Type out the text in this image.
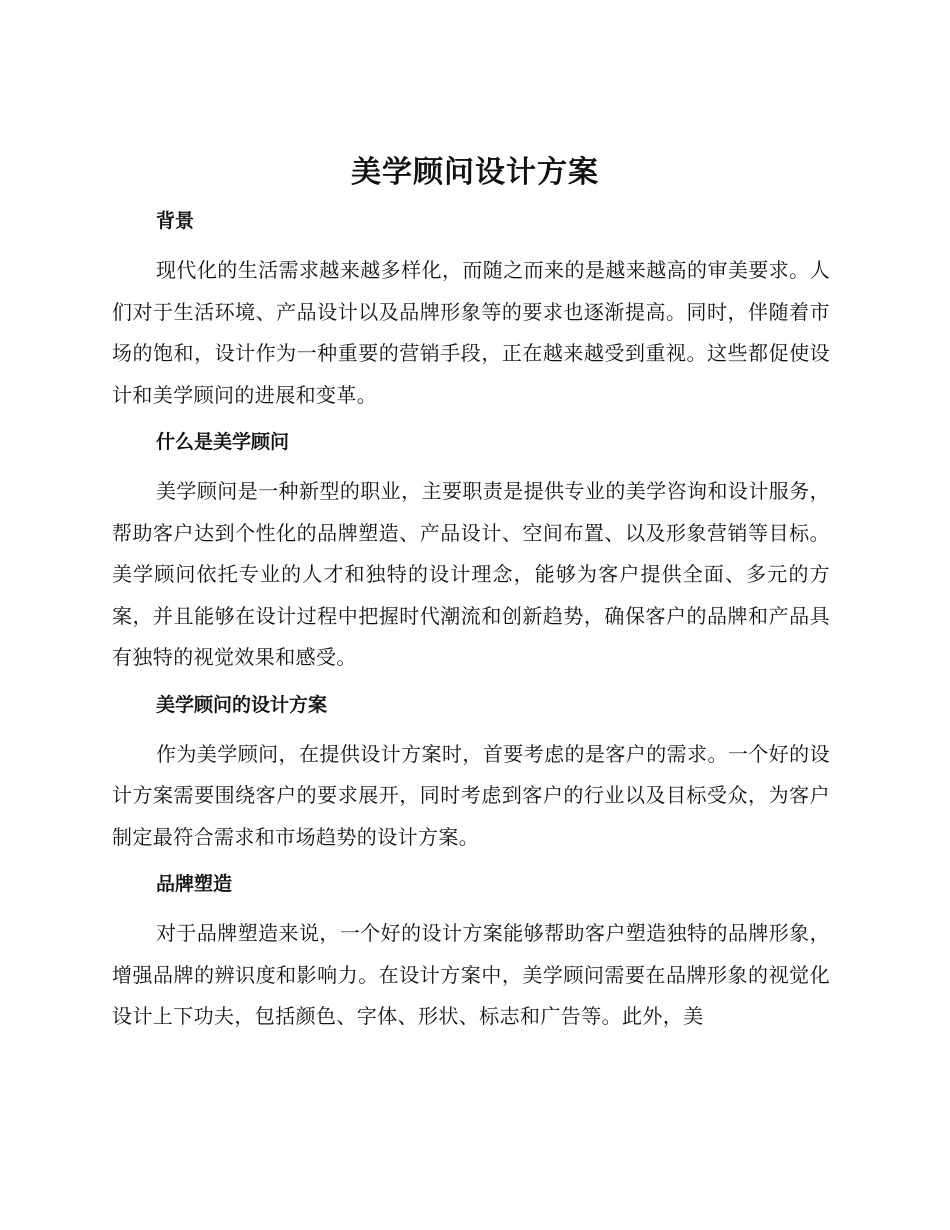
美学顾问设计方案
背景

现代化的生活需求越来越多样化，而随之而来的是越来越高的审美要求。人们对于生活环境、产品设计以及品牌形象等的要求也逐渐提高。同时，伴随着市场的饱和，设计作为一种重要的营销手段，正在越来越受到重视。这些都促使设计和美学顾问的进展和变革。

什么是美学顾问

美学顾问是一种新型的职业，主要职责是提供专业的美学咨询和设计服务，帮助客户达到个性化的品牌塑造、产品设计、空间布置、以及形象营销等目标。美学顾问依托专业的人才和独特的设计理念，能够为客户提供全面、多元的方案，并且能够在设计过程中把握时代潮流和创新趋势，确保客户的品牌和产品具有独特的视觉效果和感受。

美学顾问的设计方案

作为美学顾问，在提供设计方案时，首要考虑的是客户的需求。一个好的设计方案需要围绕客户的要求展开，同时考虑到客户的行业以及目标受众，为客户制定最符合需求和市场趋势的设计方案。

品牌塑造

对于品牌塑造来说，一个好的设计方案能够帮助客户塑造独特的品牌形象，增强品牌的辨识度和影响力。在设计方案中，美学顾问需要在品牌形象的视觉化设计上下功夫，包括颜色、字体、形状、标志和广告等。此外，美
